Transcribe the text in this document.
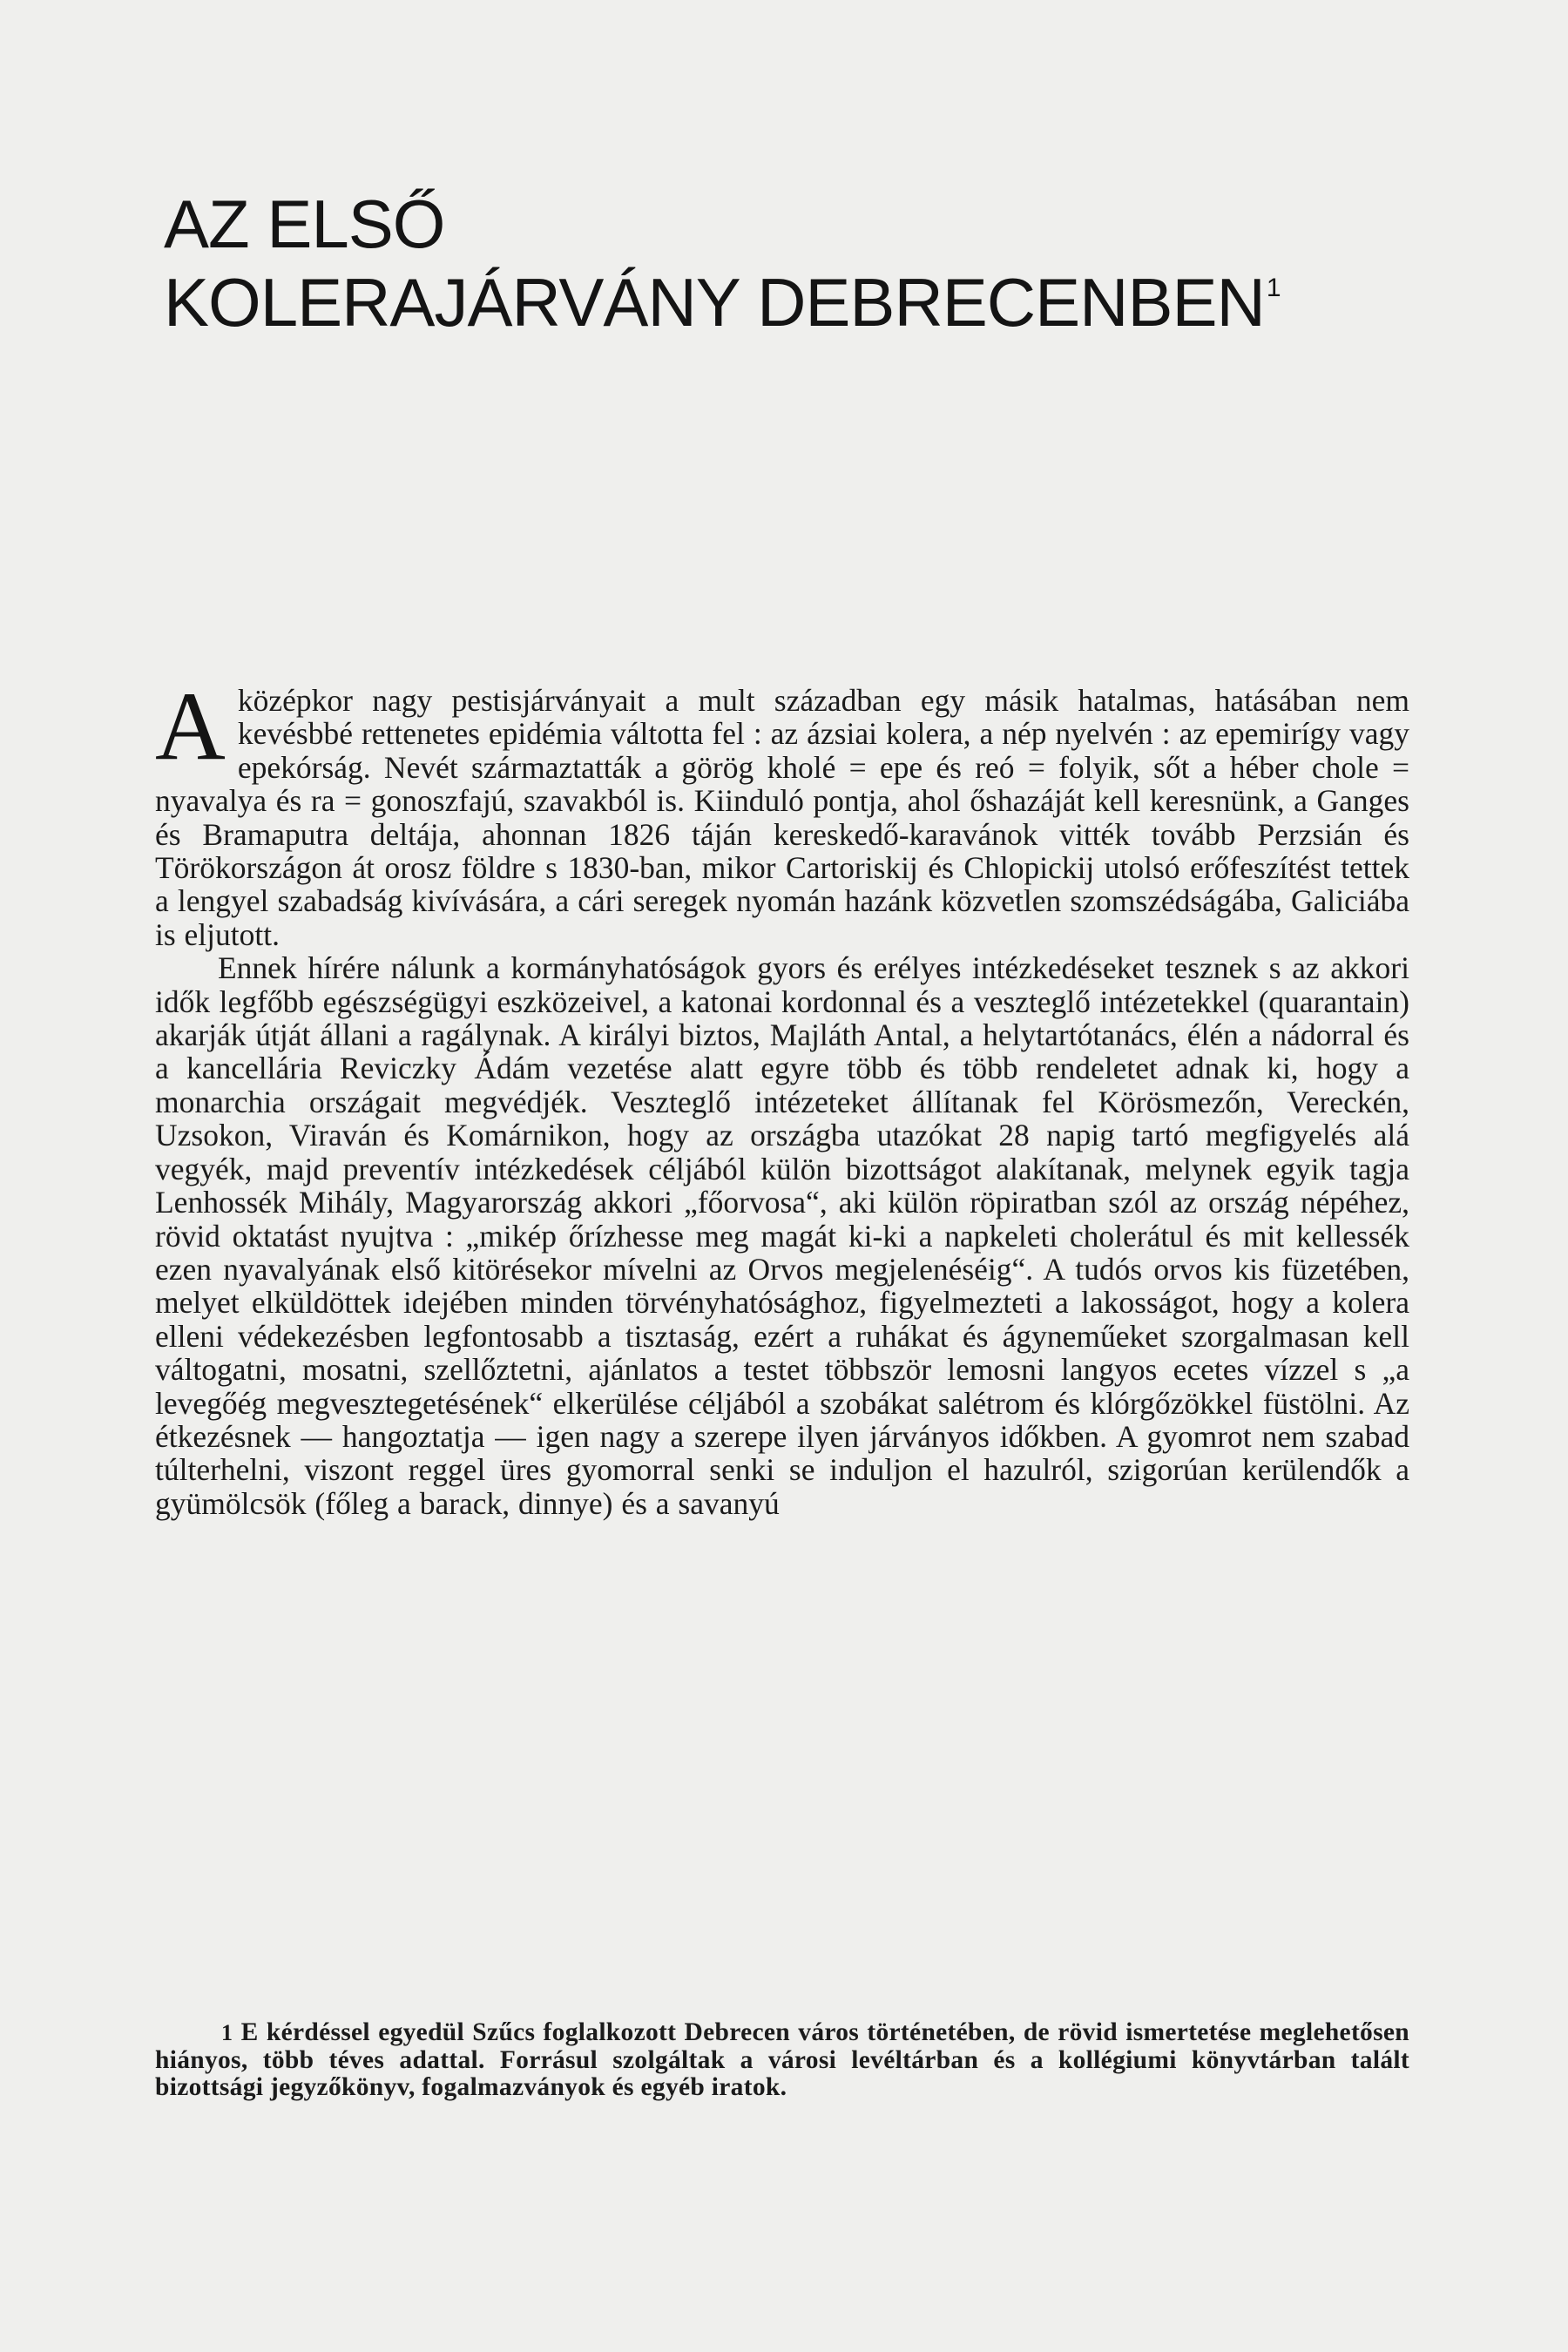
AZ ELSŐ
KOLERAJÁRVÁNY DEBRECENBEN$^1$

A középkor nagy pestisjárványait a mult században egy másik hatalmas, hatásában nem kevésbbé rettenetes epidémia váltotta fel : az ázsiai kolera, a nép nyelvén : az epemirígy vagy epekórság. Nevét származtatták a görög kholé = epe és reó = folyik, sőt a héber chole = nyavalya és ra = gonoszfajú, szavakból is. Kiinduló pontja, ahol őshazáját kell keresnünk, a Ganges és Bramaputra deltája, ahonnan 1826 táján kereskedő-karavánok vitték tovább Perzsián és Törökországon át orosz földre s 1830-ban, mikor Cartoriskij és Chlopickij utolsó erőfeszítést tettek a lengyel szabadság kivívására, a cári seregek nyomán hazánk közvetlen szomszédságába, Galiciába is eljutott.

Ennek hírére nálunk a kormányhatóságok gyors és erélyes intézkedéseket tesznek s az akkori idők legfőbb egészségügyi eszközeivel, a katonai kordonnal és a veszteglő intézetekkel (quarantain) akarják útját állani a ragálynak. A királyi biztos, Majláth Antal, a helytartótanács, élén a nádorral és a kancellária Reviczky Ádám vezetése alatt egyre több és több rendeletet adnak ki, hogy a monarchia országait megvédjék. Veszteglő intézeteket állítanak fel Körösmezőn, Vereckén, Uzsokon, Viraván és Komárnikon, hogy az országba utazókat 28 napig tartó megfigyelés alá vegyék, majd preventív intézkedések céljából külön bizottságot alakítanak, melynek egyik tagja Lenhossék Mihály, Magyarország akkori „főorvosa“, aki külön röpiratban szól az ország népéhez, rövid oktatást nyujtva : „mikép őrízhesse meg magát ki-ki a napkeleti cholerátul és mit kellessék ezen nyavalyának első kitörésekor mívelni az Orvos megjelenéséig“. A tudós orvos kis füzetében, melyet elküldöttek idejében minden törvényhatósághoz, figyelmezteti a lakosságot, hogy a kolera elleni védekezésben legfontosabb a tisztaság, ezért a ruhákat és ágyneműeket szorgalmasan kell váltogatni, mosatni, szellőztetni, ajánlatos a testet többször lemosni langyos ecetes vízzel s „a levegőég megvesztegetésének“ elkerülése céljából a szobákat salétrom és klórgőzökkel füstölni. Az étkezésnek — hangoztatja — igen nagy a szerepe ilyen járványos időkben. A gyomrot nem szabad túlterhelni, viszont reggel üres gyomorral senki se induljon el hazulról, szigorúan kerülendők a gyümölcsök (főleg a barack, dinnye) és a savanyú

1 E kérdéssel egyedül Szűcs foglalkozott Debrecen város történetében, de rövid ismertetése meglehetősen hiányos, több téves adattal. Forrásul szolgáltak a városi levéltárban és a kollégiumi könyvtárban talált bizottsági jegyzőkönyv, fogalmazványok és egyéb iratok.
